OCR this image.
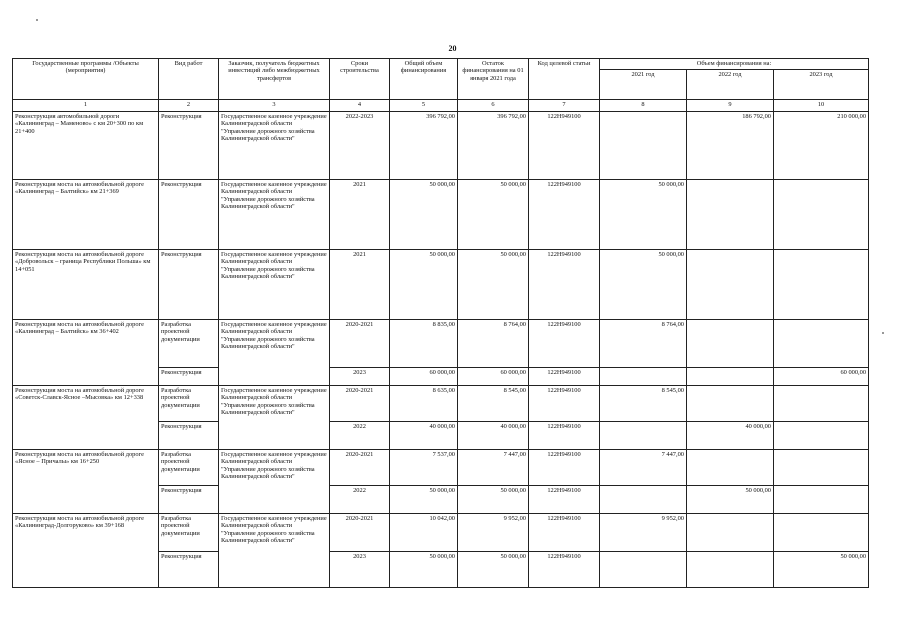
20
Государственные программы /Объекты (мероприятия)	Вид работ	Заказчик, получатель бюджетных инвестиций либо межбюджетных трансфертов	Сроки строительства	Общий объем финансирования	Остаток финансирования на 01 января 2021 года	Код целевой статьи	Объем финансирования на:		
							2021 год	2022 год	2023 год
1	2	3	4	5	6	7	8	9	10
Реконструкция автомобильной дороги «Калининград – Маменово» с км 20+300 по км 21+400	Реконструкция	Государственное казенное учреждение Калининградской области "Управление дорожного хозяйства Калининградской области"	2022-2023	396 792,00	396 792,00	122H949100		186 792,00	210 000,00
Реконструкция моста на автомобильной дороге «Калининград – Балтийск» км 21+369	Реконструкция	Государственное казенное учреждение Калининградской области "Управление дорожного хозяйства Калининградской области"	2021	50 000,00	50 000,00	122H949100	50 000,00		
Реконструкция моста на автомобильной дороге «Добровольск – граница Республики Польша» км 14+051	Реконструкция	Государственное казенное учреждение Калининградской области "Управление дорожного хозяйства Калининградской области"	2021	50 000,00	50 000,00	122H949100	50 000,00		
Реконструкция моста на автомобильной дороге «Калининград – Балтийск» км 36+402	Разработка проектной документации	Государственное казенное учреждение Калининградской области "Управление дорожного хозяйства Калининградской области"	2020-2021	8 835,00	8 764,00	122H949100	8 764,00		
	Реконструкция		2023	60 000,00	60 000,00	122H949100			60 000,00
Реконструкция моста на автомобильной дороге «Советск-Славск-Ясное –Мысовка» км 12+338	Разработка проектной документации	Государственное казенное учреждение Калининградской области "Управление дорожного хозяйства Калининградской области"	2020-2021	8 635,00	8 545,00	122H949100	8 545,00		
	Реконструкция		2022	40 000,00	40 000,00	122H949100		40 000,00	
Реконструкция моста на автомобильной дороге «Ясное – Причалы» км 16+250	Разработка проектной документации	Государственное казенное учреждение Калининградской области "Управление дорожного хозяйства Калининградской области"	2020-2021	7 537,00	7 447,00	122H949100	7 447,00		
	Реконструкция		2022	50 000,00	50 000,00	122H949100		50 000,00	
Реконструкция моста на автомобильной дороге «Калининград-Долгоруково» км 39+168	Разработка проектной документации	Государственное казенное учреждение Калининградской области "Управление дорожного хозяйства Калининградской области"	2020-2021	10 042,00	9 952,00	122H949100	9 952,00		
	Реконструкция		2023	50 000,00	50 000,00	122H949100			50 000,00
